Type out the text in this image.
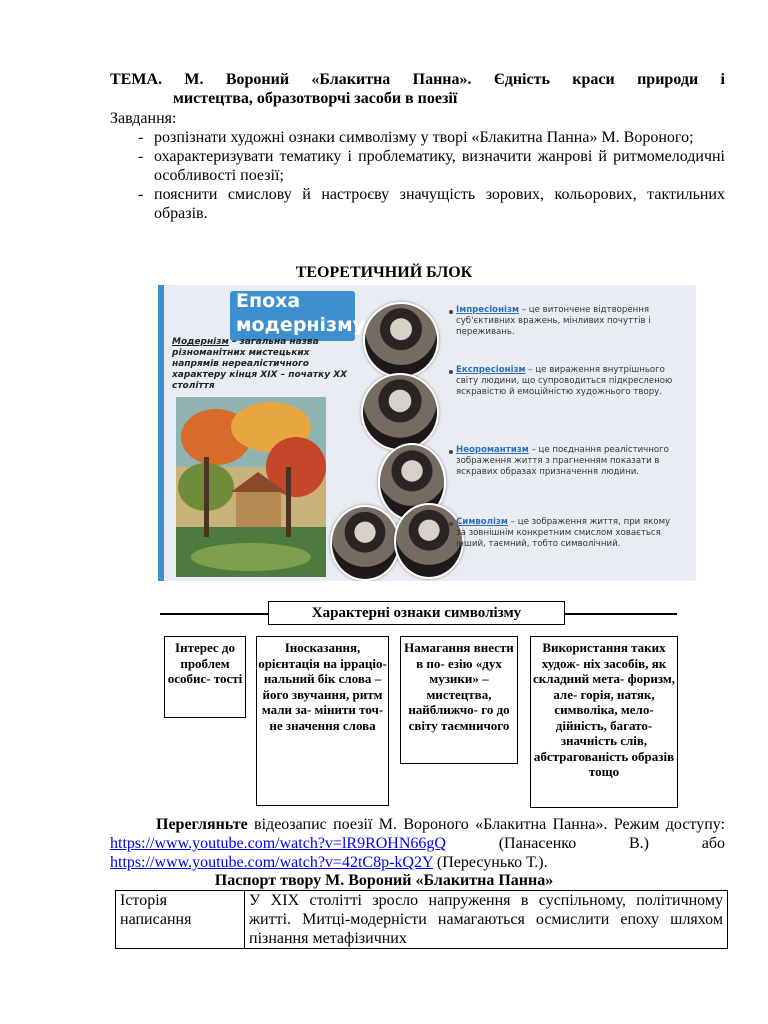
ТЕМА. М. Вороний «Блакитна Панна». Єдність краси природи і
мистецтва, образотворчі засоби в поезії
Завдання:
- розпізнати художні ознаки символізму у творі «Блакитна Панна» М. Вороного;
- охарактеризувати тематику і проблематику, визначити жанрові й ритмомелодичні особливості поезії;
- пояснити смислову й настроєву значущість зорових, кольорових, тактильних образів.
ТЕОРЕТИЧНИЙ БЛОК
Епоха модернізму
Модернізм – загальна назва різноманітних мистецьких напрямів нереалістичного характеру кінця XIX – початку XX століття
Імпресіонізм – це витончене відтворення суб'єктивних вражень, мінливих почуттів і переживань.
Експресіонізм – це вираження внутрішнього світу людини, що супроводиться підкресленою яскравістю й емоційністю художнього твору.
Неоромантизм – це поєднання реалістичного зображення життя з прагненням показати в яскравих образах призначення людини.
Символізм – це зображення життя, при якому за зовнішнім конкретним смислом ховається інший, таємний, тобто символічний.
Характерні ознаки символізму
Інтерес до проблем особис- тості
Іносказання, орієнтація на ірраціо- нальний бік слова – його звучання, ритм мали за- мінити точ- не значення слова
Намагання внести в по- езію «дух музики» – мистецтва, найближчо- го до світу таємничого
Використання таких худож- ніх засобів, як складний мета- форизм, але- горія, натяк, символіка, мело- дійність, багато- значність слів, абстрагованість образів тощо

Перегляньте відеозапис поезії М. Вороного «Блакитна Панна». Режим доступу: https://www.youtube.com/watch?v=lR9ROHN66gQ (Панасенко В.) або https://www.youtube.com/watch?v=42tC8p-kQ2Y (Пересунько Т.).

Паспорт твору М. Вороний «Блакитна Панна»
Історія написання	У XIX столітті зросло напруження в суспільному, політичному житті. Митці-модерністи намагаються осмислити епоху шляхом пізнання метафізичних
